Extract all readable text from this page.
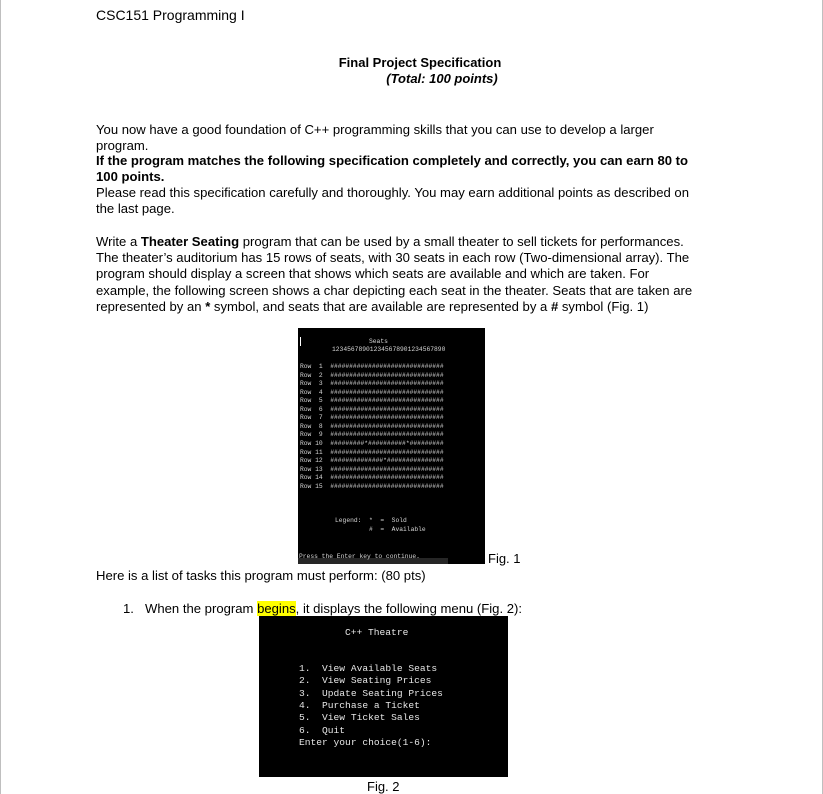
CSC151 Programming I
Final Project Specification
(Total: 100 points)
You now have a good foundation of C++ programming skills that you can use to develop a larger
program.
If the program matches the following specification completely and correctly, you can earn 80 to
100 points.
Please read this specification carefully and thoroughly. You may earn additional points as described on
the last page.
Write a Theater Seating program that can be used by a small theater to sell tickets for performances.
The theater’s auditorium has 15 rows of seats, with 30 seats in each row (Two-dimensional array). The
program should display a screen that shows which seats are available and which are taken. For
example, the following screen shows a char depicting each seat in the theater. Seats that are taken are
represented by an * symbol, and seats that are available are represented by a # symbol (Fig. 1)
Seats
123456789012345678901234567890
Row  1 ##############################
Row  2 ##############################
Row  3 ##############################
Row  4 ##############################
Row  5 ##############################
Row  6 ##############################
Row  7 ##############################
Row  8 ##############################
Row  9 ##############################
Row 10 #########*##########*#########
Row 11 ##############################
Row 12 ##############*###############
Row 13 ##############################
Row 14 ##############################
Row 15 ##############################
Legend:  *  =  Sold
#  =  Available
Press the Enter key to continue.	Fig. 1
Here is a list of tasks this program must perform: (80 pts)
1. When the program begins, it displays the following menu (Fig. 2):
C++ Theatre
1.  View Available Seats
2.  View Seating Prices
3.  Update Seating Prices
4.  Purchase a Ticket
5.  View Ticket Sales
6.  Quit
Enter your choice(1-6):
Fig. 2
